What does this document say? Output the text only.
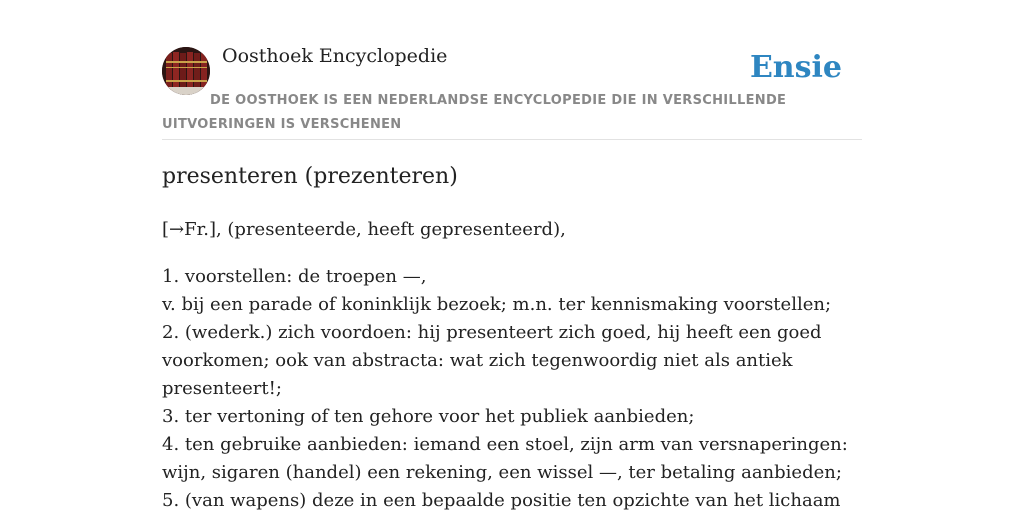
Oosthoek Encyclopedie	Ensie
DE OOSTHOEK IS EEN NEDERLANDSE ENCYCLOPEDIE DIE IN VERSCHILLENDE UITVOERINGEN IS VERSCHENEN
presenteren (prezenteren)
[→Fr.], (presenteerde, heeft gepresenteerd),
1. voorstellen: de troepen —,
v. bij een parade of koninklijk bezoek; m.n. ter kennismaking voorstellen;
2. (wederk.) zich voordoen: hij presenteert zich goed, hij heeft een goed voorkomen; ook van abstracta: wat zich tegenwoordig niet als antiek presenteert!;
3. ter vertoning of ten gehore voor het publiek aanbieden;
4. ten gebruike aanbieden: iemand een stoel, zijn arm van versnaperingen: wijn, sigaren (handel) een rekening, een wissel —, ter betaling aanbieden;
5. (van wapens) deze in een bepaalde positie ten opzichte van het lichaam
